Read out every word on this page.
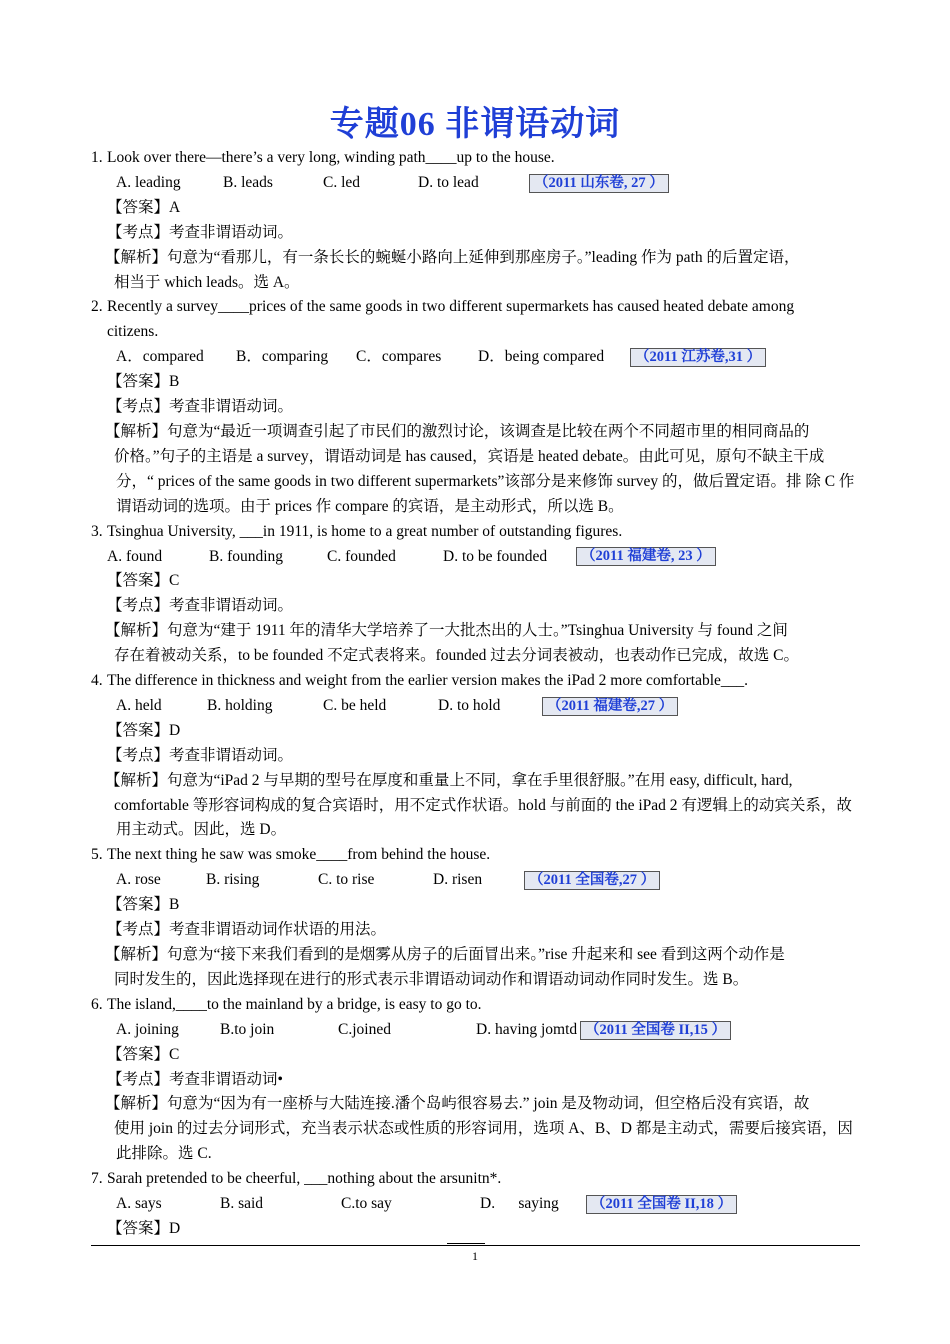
专题06 非谓语动词
1. Look over there—there’s a very long, winding path____up to the house.
A. leading	B. leads	C. led	D. to lead	（2011 山东卷, 27 ）
【答案】A
【考点】考查非谓语动词。
【解析】句意为“看那儿，有一条长长的蜿蜒小路向上延伸到那座房子。”leading 作为 path 的后置定语，
相当于 which leads。选 A。
2. Recently a survey____prices of the same goods in two different supermarkets has caused heated debate among
citizens.
A．compared	B．comparing	C．compares	D．being compared	（2011 江苏卷,31 ）
【答案】B
【考点】考查非谓语动词。
【解析】句意为“最近一项调查引起了市民们的激烈讨论，该调查是比较在两个不同超市里的相同商品的
价格。”句子的主语是 a survey，谓语动词是 has caused，宾语是 heated debate。由此可见，原句不缺主干成分，“ prices of the same goods in two different supermarkets”该部分是来修饰 survey 的，做后置定语。排 除 C 作谓语动词的选项。由于 prices 作 compare 的宾语，是主动形式，所以选 B。
3. Tsinghua University, ___in 1911, is home to a great number of outstanding figures.
A. found	B. founding	C. founded	D. to be founded	（2011 福建卷, 23 ）
【答案】C
【考点】考查非谓语动词。
【解析】句意为“建于 1911 年的清华大学培养了一大批杰出的人士。”Tsinghua University 与 found 之间
存在着被动关系，to be founded 不定式表将来。founded 过去分词表被动，也表动作已完成，故选 C。
4. The difference in thickness and weight from the earlier version makes the iPad 2 more comfortable___.
A. held	B. holding	C. be held	D. to hold	（2011 福建卷,27 ）
【答案】D
【考点】考查非谓语动词。
【解析】句意为“iPad 2 与早期的型号在厚度和重量上不同，拿在手里很舒服。”在用 easy, difficult, hard,
comfortable 等形容词构成的复合宾语时，用不定式作状语。hold 与前面的 the iPad 2 有逻辑上的动宾关系，故用主动式。因此，选 D。
5. The next thing he saw was smoke____from behind the house.
A. rose	B. rising	C. to rise	D. risen	（2011 全国卷,27 ）
【答案】B
【考点】考查非谓语动词作状语的用法。
【解析】句意为“接下来我们看到的是烟雾从房子的后面冒出来。”rise 升起来和 see 看到这两个动作是
同时发生的，因此选择现在进行的形式表示非谓语动词动作和谓语动词动作同时发生。选 B。
6. The island,____to the mainland by a bridge, is easy to go to.
A. joining	B.to join	C.joined	D. having jomtd （2011 全国卷 II,15 ）
【答案】C
【考点】考查非谓语动词•
【解析】句意为“因为有一座桥与大陆连接.潘个岛屿很容易去.” join 是及物动词，但空格后没有宾语，故
使用 join 的过去分词形式，充当表示状态或性质的形容词用，选项 A、B、D 都是主动式，需要后接宾语，因此排除。选 C.
7. Sarah pretended to be cheerful, ___nothing about the arsunitn*.
A. says	B. said	C.to say	D.      saying	（2011 全国卷 II,18 ）
【答案】D
1
